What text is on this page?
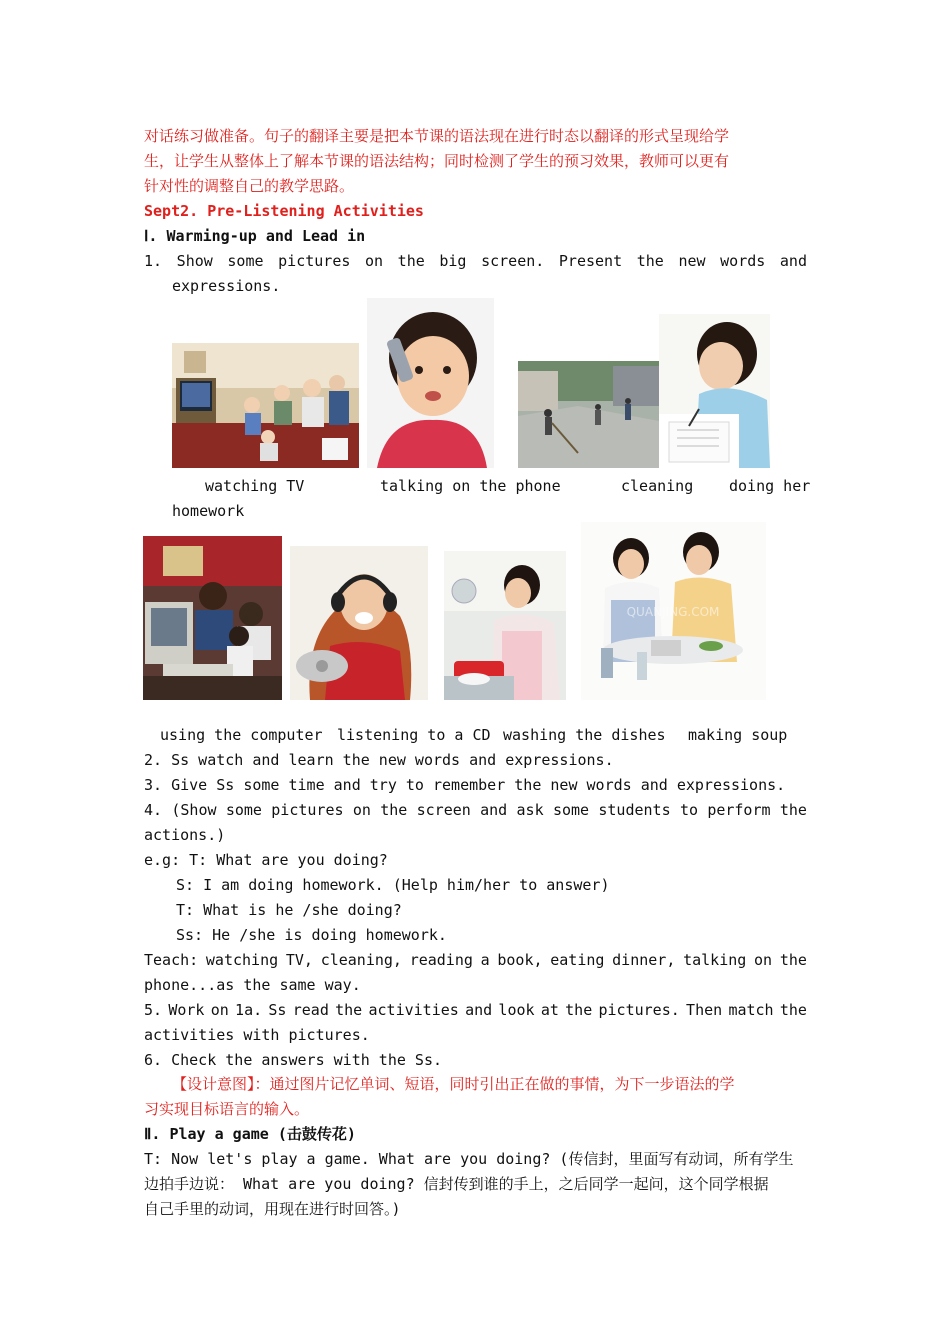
对话练习做准备。句子的翻译主要是把本节课的语法现在进行时态以翻译的形式呈现给学
生，让学生从整体上了解本节课的语法结构；同时检测了学生的预习效果，教师可以更有
针对性的调整自己的教学思路。
Sept2. Pre-Listening Activities
Ⅰ. Warming-up and Lead in
1. Show some pictures on the big screen. Present the new words and
expressions.
watching TV	talking on the phone	cleaning doing her
homework
QUANJING.COM
using the computer listening to a CD washing the dishes making soup
2. Ss watch and learn the new words and expressions.
3. Give Ss some time and try to remember the new words and expressions.
4. (Show some pictures on the screen and ask some students to perform the
actions.)
e.g: T: What are you doing?
S: I am doing homework. (Help him/her to answer)
T: What is he /she doing?
Ss: He /she is doing homework.
Teach: watching TV, cleaning, reading a book, eating dinner, talking on the
phone...as the same way.
5. Work on 1a. Ss read the activities and look at the pictures. Then match the
activities with pictures.
6. Check the answers with the Ss.
【设计意图】：通过图片记忆单词、短语，同时引出正在做的事情，为下一步语法的学
习实现目标语言的输入。
Ⅱ. Play a game (击鼓传花)
T: Now let's play a game. What are you doing? (传信封，里面写有动词，所有学生
边拍手边说： What are you doing? 信封传到谁的手上，之后同学一起问，这个同学根据
自己手里的动词，用现在进行时回答。)
